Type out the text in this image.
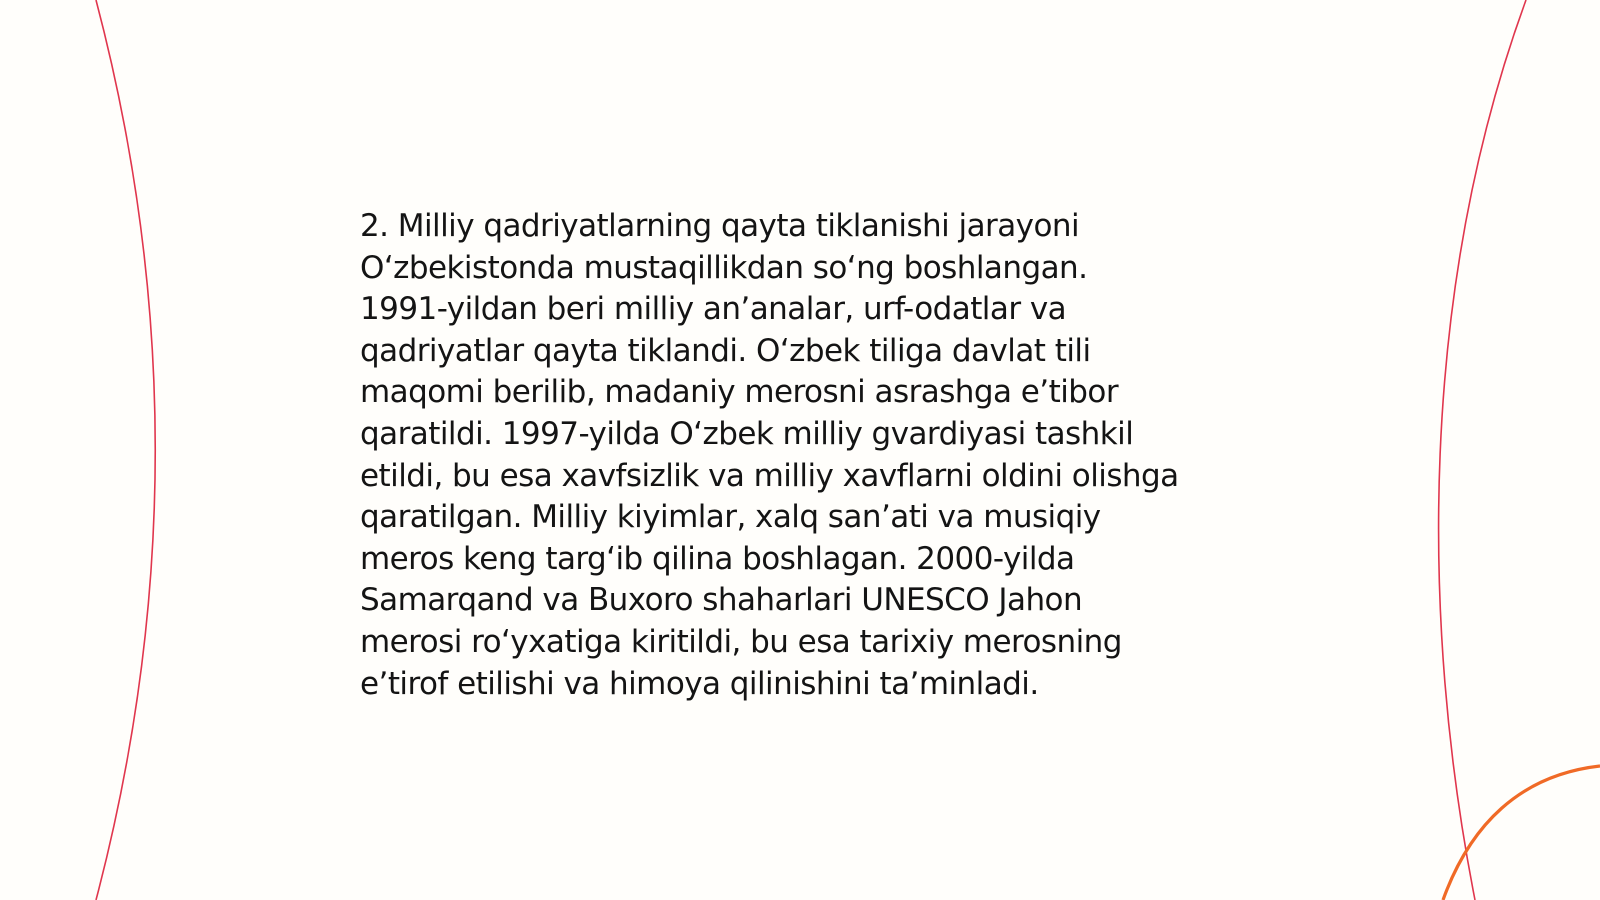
2. Milliy qadriyatlarning qayta tiklanishi jarayoni
O‘zbekistonda mustaqillikdan so‘ng boshlangan.
1991-yildan beri milliy an’analar, urf-odatlar va
qadriyatlar qayta tiklandi. O‘zbek tiliga davlat tili
maqomi berilib, madaniy merosni asrashga e’tibor
qaratildi. 1997-yilda O‘zbek milliy gvardiyasi tashkil
etildi, bu esa xavfsizlik va milliy xavflarni oldini olishga
qaratilgan. Milliy kiyimlar, xalq san’ati va musiqiy
meros keng targ‘ib qilina boshlagan. 2000-yilda
Samarqand va Buxoro shaharlari UNESCO Jahon
merosi ro‘yxatiga kiritildi, bu esa tarixiy merosning
e’tirof etilishi va himoya qilinishini ta’minladi.
